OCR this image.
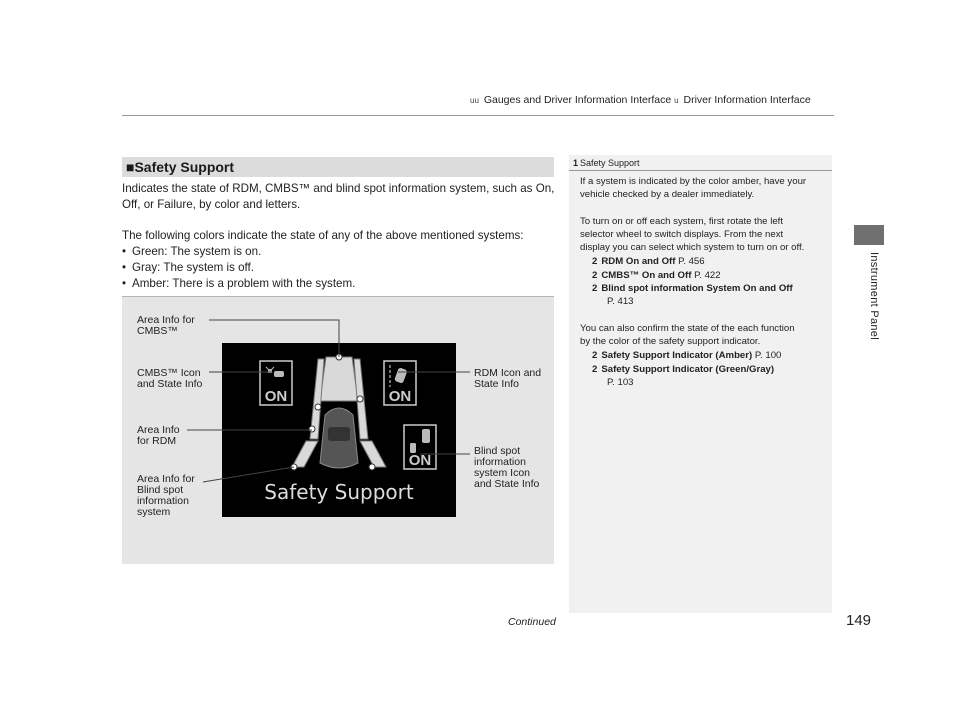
uu Gauges and Driver Information Interface u Driver Information Interface
Instrument Panel
■Safety Support
Indicates the state of RDM, CMBS™ and blind spot information system, such as On,
Off, or Failure, by color and letters.
The following colors indicate the state of any of the above mentioned systems:
• Green: The system is on.
• Gray: The system is off.
• Amber: There is a problem with the system.
ON	ON
ON
Safety Support
Area Info for
CMBS™
CMBS™ Icon
and State Info
Area Info
for RDM
Area Info for
Blind spot
information
system
RDM Icon and
State Info
Blind spot
information
system Icon
and State Info
1 Safety Support
If a system is indicated by the color amber, have your
vehicle checked by a dealer immediately.
To turn on or off each system, first rotate the left
selector wheel to switch displays. From the next
display you can select which system to turn on or off.
2 RDM On and Off P. 456
2 CMBS™ On and Off P. 422
2 Blind spot information System On and Off
P. 413
You can also confirm the state of the each function
by the color of the safety support indicator.
2 Safety Support Indicator (Amber) P. 100
2 Safety Support Indicator (Green/Gray)
P. 103
Continued	149
